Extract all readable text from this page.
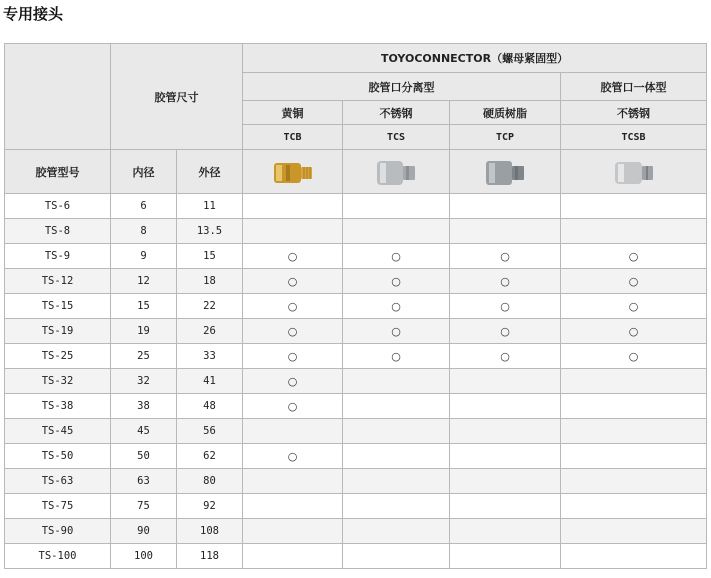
专用接头
	胶管尺寸		TOYOCONNECTOR（螺母紧固型）			
			胶管口分离型			胶管口一体型
			黄铜	不锈钢	硬质树脂	不锈钢
			TCB	TCS	TCP	TCSB
胶管型号	内径	外径	

TS-6	6	11				
TS-8	8	13.5				
TS-9	9	15	○	○	○	○
TS-12	12	18	○	○	○	○
TS-15	15	22	○	○	○	○
TS-19	19	26	○	○	○	○
TS-25	25	33	○	○	○	○
TS-32	32	41	○			
TS-38	38	48	○			
TS-45	45	56				
TS-50	50	62	○			
TS-63	63	80				
TS-75	75	92				
TS-90	90	108				
TS-100	100	118				
